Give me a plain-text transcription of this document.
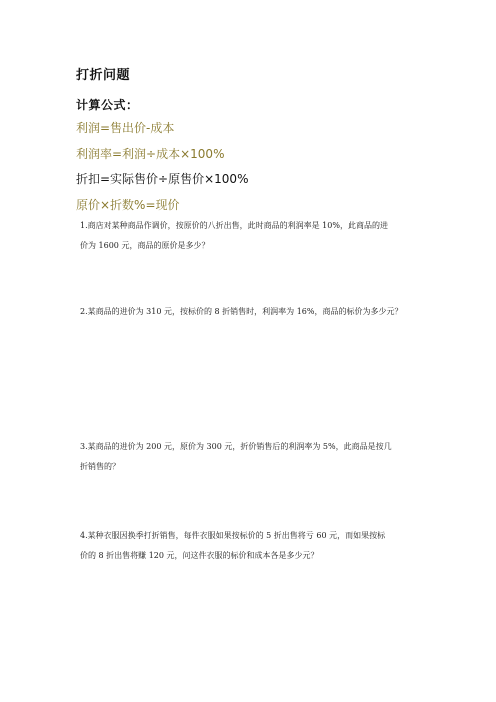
打折问题
计算公式：
利润=售出价-成本
利润率=利润÷成本×100%
折扣=实际售价÷原售价×100%
原价×折数%=现价
1.商店对某种商品作调价，按原价的八折出售，此时商品的利润率是 10%，此商品的进
价为 1600 元，商品的原价是多少？
2.某商品的进价为 310 元，按标价的 8 折销售时，利润率为 16%，商品的标价为多少元？
3.某商品的进价为 200 元，原价为 300 元，折价销售后的利润率为 5%，此商品是按几
折销售的？
4.某种衣服因换季打折销售，每件衣服如果按标价的 5 折出售将亏 60 元，而如果按标
价的 8 折出售将赚 120 元，问这件衣服的标价和成本各是多少元？
